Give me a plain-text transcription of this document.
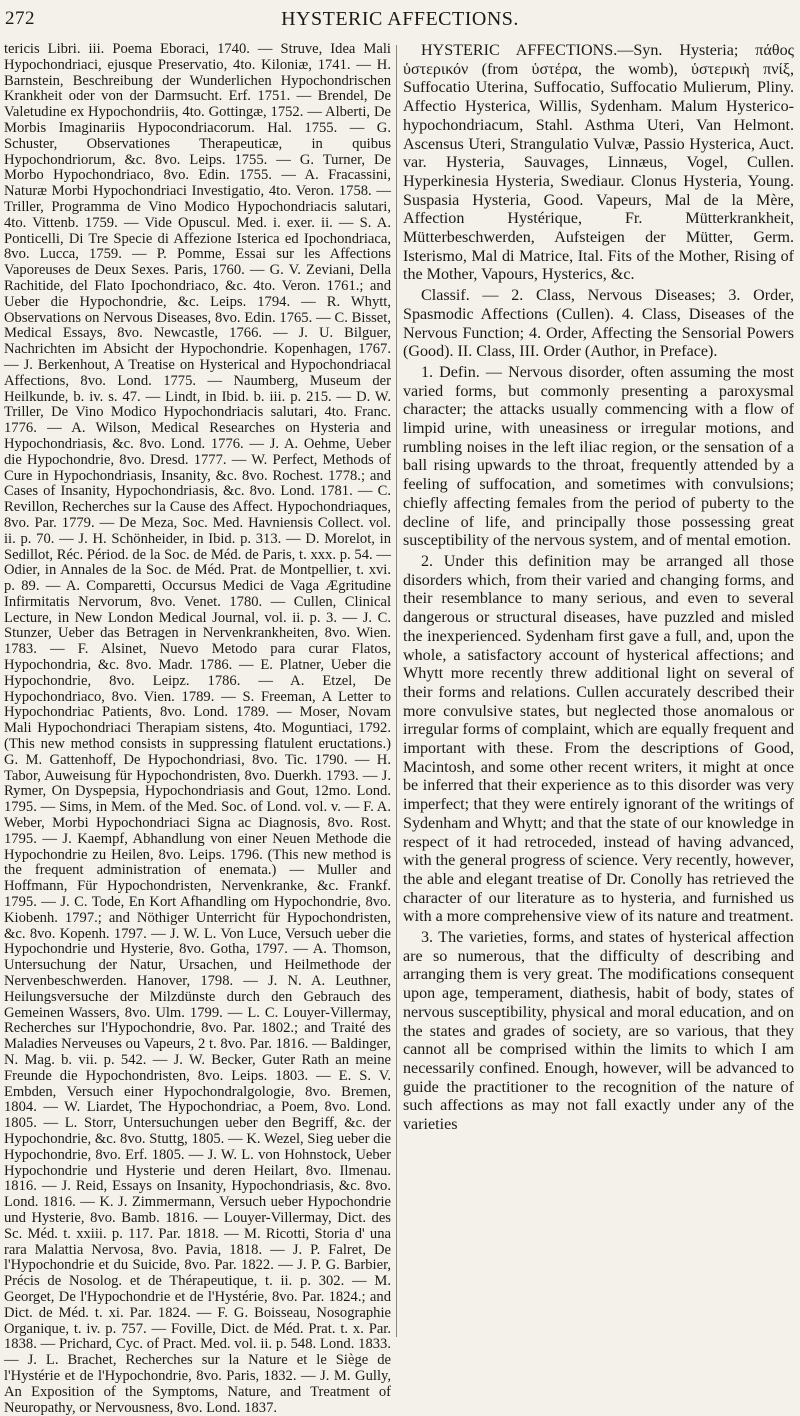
272	HYSTERIC AFFECTIONS.

tericis Libri. iii. Poema Eboraci, 1740. — Struve, Idea Mali Hypochondriaci, ejusque Preservatio, 4to. Kiloniæ, 1741. — H. Barnstein, Beschreibung der Wunderlichen Hypochondrischen Krankheit oder von der Darmsucht. Erf. 1751. — Brendel, De Valetudine ex Hypochondriis, 4to. Gottingæ, 1752. — Alberti, De Morbis Imaginariis Hypocondriacorum. Hal. 1755. — G. Schuster, Observationes Therapeuticæ, in quibus Hypochondriorum, &c. 8vo. Leips. 1755. — G. Turner, De Morbo Hypochondriaco, 8vo. Edin. 1755. — A. Fracassini, Naturæ Morbi Hypochondriaci Investigatio, 4to. Veron. 1758. — Triller, Programma de Vino Modico Hypochondriacis salutari, 4to. Vittenb. 1759. — Vide Opuscul. Med. i. exer. ii. — S. A. Ponticelli, Di Tre Specie di Affezione Isterica ed Ipochondriaca, 8vo. Lucca, 1759. — P. Pomme, Essai sur les Affections Vaporeuses de Deux Sexes. Paris, 1760. — G. V. Zeviani, Della Rachitide, del Flato Ipochondriaco, &c. 4to. Veron. 1761.; and Ueber die Hypochondrie, &c. Leips. 1794. — R. Whytt, Observations on Nervous Diseases, 8vo. Edin. 1765. — C. Bisset, Medical Essays, 8vo. Newcastle, 1766. — J. U. Bilguer, Nachrichten im Absicht der Hypochondrie. Kopenhagen, 1767. — J. Berkenhout, A Treatise on Hysterical and Hypochondriacal Affections, 8vo. Lond. 1775. — Naumberg, Museum der Heilkunde, b. iv. s. 47. — Lindt, in Ibid. b. iii. p. 215. — D. W. Triller, De Vino Modico Hypochondriacis salutari, 4to. Franc. 1776. — A. Wilson, Medical Researches on Hysteria and Hypochondriasis, &c. 8vo. Lond. 1776. — J. A. Oehme, Ueber die Hypochondrie, 8vo. Dresd. 1777. — W. Perfect, Methods of Cure in Hypochondriasis, Insanity, &c. 8vo. Rochest. 1778.; and Cases of Insanity, Hypochondriasis, &c. 8vo. Lond. 1781. — C. Revillon, Recherches sur la Cause des Affect. Hypochondriaques, 8vo. Par. 1779. — De Meza, Soc. Med. Havniensis Collect. vol. ii. p. 70. — J. H. Schönheider, in Ibid. p. 313. — D. Morelot, in Sedillot, Réc. Périod. de la Soc. de Méd. de Paris, t. xxx. p. 54. — Odier, in Annales de la Soc. de Méd. Prat. de Montpellier, t. xvi. p. 89. — A. Comparetti, Occursus Medici de Vaga Ægritudine Infirmitatis Nervorum, 8vo. Venet. 1780. — Cullen, Clinical Lecture, in New London Medical Journal, vol. ii. p. 3. — J. C. Stunzer, Ueber das Betragen in Nervenkrankheiten, 8vo. Wien. 1783. — F. Alsinet, Nuevo Metodo para curar Flatos, Hypochondria, &c. 8vo. Madr. 1786. — E. Platner, Ueber die Hypochondrie, 8vo. Leipz. 1786. — A. Etzel, De Hypochondriaco, 8vo. Vien. 1789. — S. Freeman, A Letter to Hypochondriac Patients, 8vo. Lond. 1789. — Moser, Novam Mali Hypochondriaci Therapiam sistens, 4to. Moguntiaci, 1792. (This new method consists in suppressing flatulent eructations.) G. M. Gattenhoff, De Hypochondriasi, 8vo. Tic. 1790. — H. Tabor, Auweisung für Hypochondristen, 8vo. Duerkh. 1793. — J. Rymer, On Dyspepsia, Hypochondriasis and Gout, 12mo. Lond. 1795. — Sims, in Mem. of the Med. Soc. of Lond. vol. v. — F. A. Weber, Morbi Hypochondriaci Signa ac Diagnosis, 8vo. Rost. 1795. — J. Kaempf, Abhandlung von einer Neuen Methode die Hypochondrie zu Heilen, 8vo. Leips. 1796. (This new method is the frequent administration of enemata.) — Muller and Hoffmann, Für Hypochondristen, Nervenkranke, &c. Frankf. 1795. — J. C. Tode, En Kort Afhandling om Hypochondrie, 8vo. Kiobenh. 1797.; and Nöthiger Unterricht für Hypochondristen, &c. 8vo. Kopenh. 1797. — J. W. L. Von Luce, Versuch ueber die Hypochondrie und Hysterie, 8vo. Gotha, 1797. — A. Thomson, Untersuchung der Natur, Ursachen, und Heilmethode der Nervenbeschwerden. Hanover, 1798. — J. N. A. Leuthner, Heilungsversuche der Milzdünste durch den Gebrauch des Gemeinen Wassers, 8vo. Ulm. 1799. — L. C. Louyer-Villermay, Recherches sur l'Hypochondrie, 8vo. Par. 1802.; and Traité des Maladies Nerveuses ou Vapeurs, 2 t. 8vo. Par. 1816. — Baldinger, N. Mag. b. vii. p. 542. — J. W. Becker, Guter Rath an meine Freunde die Hypochondristen, 8vo. Leips. 1803. — E. S. V. Embden, Versuch einer Hypochondralgologie, 8vo. Bremen, 1804. — W. Liardet, The Hypochondriac, a Poem, 8vo. Lond. 1805. — L. Storr, Untersuchungen ueber den Begriff, &c. der Hypochondrie, &c. 8vo. Stuttg, 1805. — K. Wezel, Sieg ueber die Hypochondrie, 8vo. Erf. 1805. — J. W. L. von Hohnstock, Ueber Hypochondrie und Hysterie und deren Heilart, 8vo. Ilmenau. 1816. — J. Reid, Essays on Insanity, Hypochondriasis, &c. 8vo. Lond. 1816. — K. J. Zimmermann, Versuch ueber Hypochondrie und Hysterie, 8vo. Bamb. 1816. — Louyer-Villermay, Dict. des Sc. Méd. t. xxiii. p. 117. Par. 1818. — M. Ricotti, Storia d' una rara Malattia Nervosa, 8vo. Pavia, 1818. — J. P. Falret, De l'Hypochondrie et du Suicide, 8vo. Par. 1822. — J. P. G. Barbier, Précis de Nosolog. et de Thérapeutique, t. ii. p. 302. — M. Georget, De l'Hypochondrie et de l'Hystérie, 8vo. Par. 1824.; and Dict. de Méd. t. xi. Par. 1824. — F. G. Boisseau, Nosographie Organique, t. iv. p. 757. — Foville, Dict. de Méd. Prat. t. x. Par. 1838. — Prichard, Cyc. of Pract. Med. vol. ii. p. 548. Lond. 1833. — J. L. Brachet, Recherches sur la Nature et le Siège de l'Hystérie et de l'Hypochondrie, 8vo. Paris, 1832. — J. M. Gully, An Exposition of the Symptoms, Nature, and Treatment of Neuropathy, or Nervousness, 8vo. Lond. 1837.

HYSTERIC AFFECTIONS.—Syn. Hysteria; πάθος ὑστερικόν (from ὑστέρα, the womb), ὑστερικὴ πνίξ, Suffocatio Uterina, Suffocatio, Suffocatio Mulierum, Pliny. Affectio Hysterica, Willis, Sydenham. Malum Hysterico-hypochondriacum, Stahl. Asthma Uteri, Van Helmont. Ascensus Uteri, Strangulatio Vulvæ, Passio Hysterica, Auct. var. Hysteria, Sauvages, Linnæus, Vogel, Cullen. Hyperkinesia Hysteria, Swediaur. Clonus Hysteria, Young. Suspasia Hysteria, Good. Vapeurs, Mal de la Mère, Affection Hystérique, Fr. Mütterkrankheit, Mütterbeschwerden, Aufsteigen der Mütter, Germ. Isterismo, Mal di Matrice, Ital. Fits of the Mother, Rising of the Mother, Vapours, Hysterics, &c.

Classif. — 2. Class, Nervous Diseases; 3. Order, Spasmodic Affections (Cullen). 4. Class, Diseases of the Nervous Function; 4. Order, Affecting the Sensorial Powers (Good). II. Class, III. Order (Author, in Preface).

1. Defin. — Nervous disorder, often assuming the most varied forms, but commonly presenting a paroxysmal character; the attacks usually commencing with a flow of limpid urine, with uneasiness or irregular motions, and rumbling noises in the left iliac region, or the sensation of a ball rising upwards to the throat, frequently attended by a feeling of suffocation, and sometimes with convulsions; chiefly affecting females from the period of puberty to the decline of life, and principally those possessing great susceptibility of the nervous system, and of mental emotion.

2. Under this definition may be arranged all those disorders which, from their varied and changing forms, and their resemblance to many serious, and even to several dangerous or structural diseases, have puzzled and misled the inexperienced. Sydenham first gave a full, and, upon the whole, a satisfactory account of hysterical affections; and Whytt more recently threw additional light on several of their forms and relations. Cullen accurately described their more convulsive states, but neglected those anomalous or irregular forms of complaint, which are equally frequent and important with these. From the descriptions of Good, Macintosh, and some other recent writers, it might at once be inferred that their experience as to this disorder was very imperfect; that they were entirely ignorant of the writings of Sydenham and Whytt; and that the state of our knowledge in respect of it had retroceded, instead of having advanced, with the general progress of science. Very recently, however, the able and elegant treatise of Dr. Conolly has retrieved the character of our literature as to hysteria, and furnished us with a more comprehensive view of its nature and treatment.

3. The varieties, forms, and states of hysterical affection are so numerous, that the difficulty of describing and arranging them is very great. The modifications consequent upon age, temperament, diathesis, habit of body, states of nervous susceptibility, physical and moral education, and on the states and grades of society, are so various, that they cannot all be comprised within the limits to which I am necessarily confined. Enough, however, will be advanced to guide the practitioner to the recognition of the nature of such affections as may not fall exactly under any of the varieties
